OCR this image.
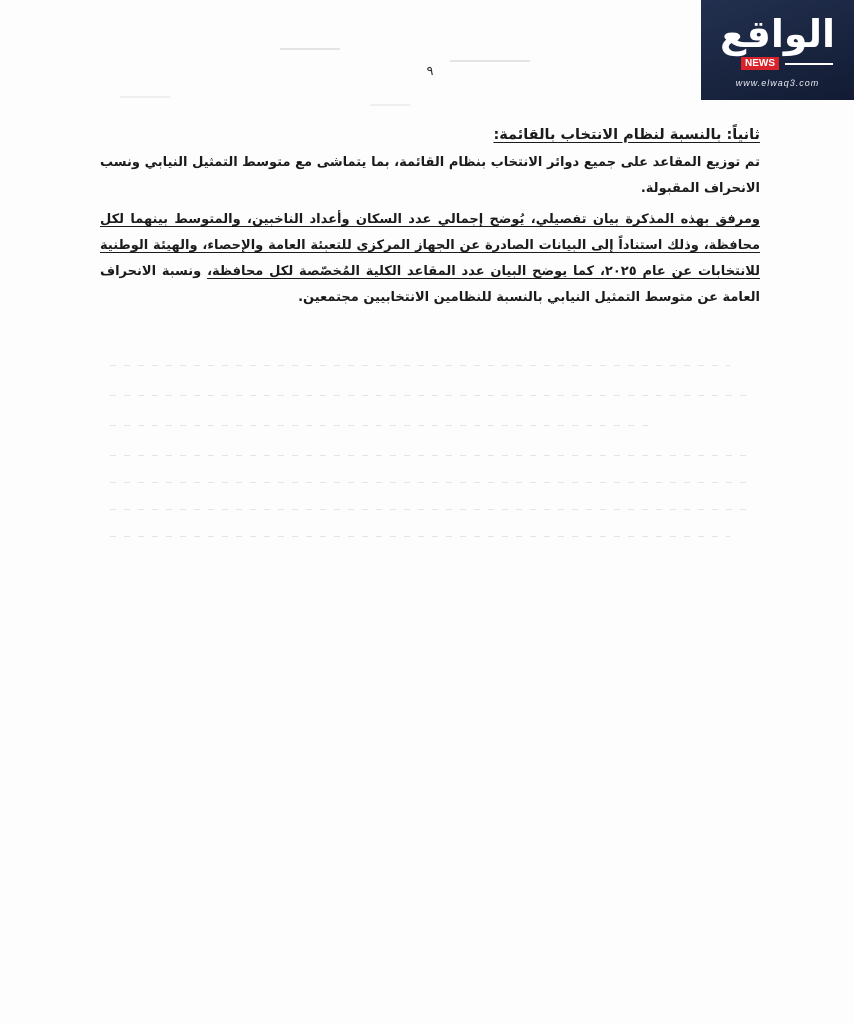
الواقع
NEWS
www.elwaq3.com
٩
ثانياً: بالنسبة لنظام الانتخاب بالقائمة:

تم توزيع المقاعد على جميع دوائر الانتخاب بنظام القائمة، بما يتماشى مع متوسط التمثيل النيابي ونسب الانحراف المقبولة.

ومرفق بهذه المذكرة بيان تفصيلي، يُوضح إجمالي عدد السكان وأعداد الناخبين، والمتوسط بينهما لكل محافظة، وذلك استناداً إلى البيانات الصادرة عن الجهاز المركزي للتعبئة العامة والإحصاء، والهيئة الوطنية للانتخابات عن عام ٢٠٢٥، كما يوضح البيان عدد المقاعد الكلية المُخصّصة لكل محافظة، ونسبة الانحراف العامة عن متوسط التمثيل النيابي بالنسبة للنظامين الانتخابيين مجتمعين.
